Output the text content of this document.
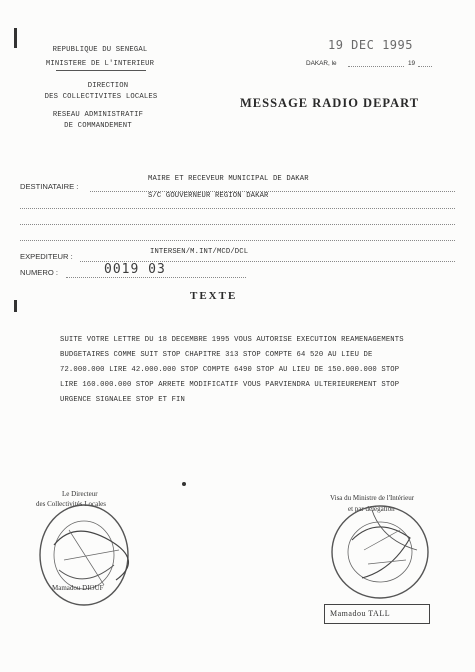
REPUBLIQUE DU SENEGAL
MINISTERE DE L'INTERIEUR
DIRECTION
DES COLLECTIVITES LOCALES
RESEAU ADMINISTRATIF
DE COMMANDEMENT
19 DEC 1995
DAKAR, le	19
MESSAGE RADIO DEPART
DESTINATAIRE :
MAIRE ET RECEVEUR MUNICIPAL DE DAKAR
S/C GOUVERNEUR REGION DAKAR
EXPEDITEUR :	INTERSEN/M.INT/MCD/DCL
NUMERO :	0019 03
TEXTE
SUITE VOTRE LETTRE DU 18 DECEMBRE 1995 VOUS AUTORISE EXECUTION REAMENAGEMENTS
BUDGETAIRES COMME SUIT STOP CHAPITRE 313 STOP COMPTE 64 520 AU LIEU DE
72.000.000 LIRE 42.000.000 STOP COMPTE 6490 STOP AU LIEU DE 150.000.000 STOP
LIRE 160.000.000 STOP ARRETE MODIFICATIF VOUS PARVIENDRA ULTERIEUREMENT STOP
URGENCE SIGNALEE STOP ET FIN
Le Directeur
des Collectivités Locales
Mamadou DIOUF
Visa du Ministre de l'Intérieur
et par délégation
Mamadou TALL
